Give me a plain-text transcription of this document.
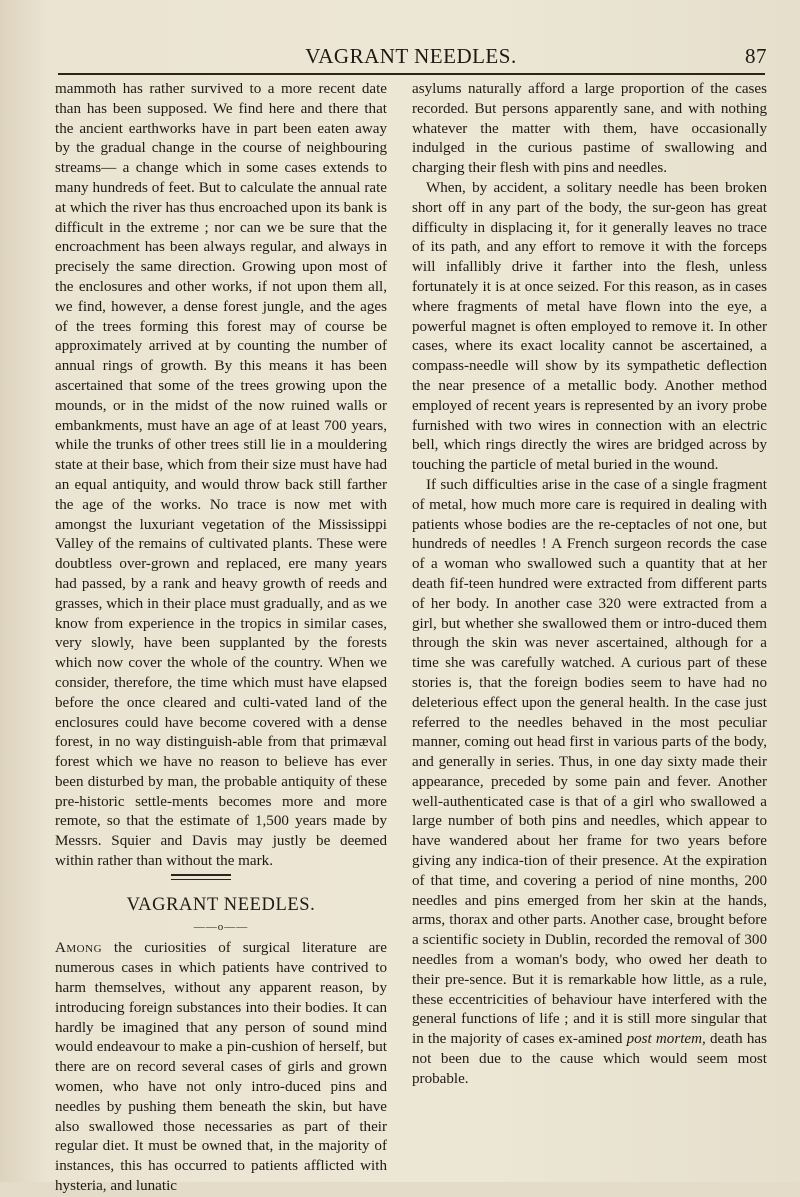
VAGRANT NEEDLES.	87

mammoth has rather survived to a more recent date than has been supposed. We find here and there that the ancient earthworks have in part been eaten away by the gradual change in the course of neighbouring streams— a change which in some cases extends to many hundreds of feet. But to calculate the annual rate at which the river has thus encroached upon its bank is difficult in the extreme ; nor can we be sure that the encroachment has been always regular, and always in precisely the same direction. Growing upon most of the enclosures and other works, if not upon them all, we find, however, a dense forest jungle, and the ages of the trees forming this forest may of course be approximately arrived at by counting the number of annual rings of growth. By this means it has been ascertained that some of the trees growing upon the mounds, or in the midst of the now ruined walls or embankments, must have an age of at least 700 years, while the trunks of other trees still lie in a mouldering state at their base, which from their size must have had an equal antiquity, and would throw back still farther the age of the works. No trace is now met with amongst the luxuriant vegetation of the Mississippi Valley of the remains of cultivated plants. These were doubtless over-grown and replaced, ere many years had passed, by a rank and heavy growth of reeds and grasses, which in their place must gradually, and as we know from experience in the tropics in similar cases, very slowly, have been supplanted by the forests which now cover the whole of the country. When we consider, therefore, the time which must have elapsed before the once cleared and culti-vated land of the enclosures could have become covered with a dense forest, in no way distinguish-able from that primæval forest which we have no reason to believe has ever been disturbed by man, the probable antiquity of these pre-historic settle-ments becomes more and more remote, so that the estimate of 1,500 years made by Messrs. Squier and Davis may justly be deemed within rather than without the mark.

VAGRANT NEEDLES.
——o——

Among the curiosities of surgical literature are numerous cases in which patients have contrived to harm themselves, without any apparent reason, by introducing foreign substances into their bodies. It can hardly be imagined that any person of sound mind would endeavour to make a pin-cushion of herself, but there are on record several cases of girls and grown women, who have not only intro-duced pins and needles by pushing them beneath the skin, but have also swallowed those necessaries as part of their regular diet. It must be owned that, in the majority of instances, this has occurred to patients afflicted with hysteria, and lunatic

asylums naturally afford a large proportion of the cases recorded. But persons apparently sane, and with nothing whatever the matter with them, have occasionally indulged in the curious pastime of swallowing and charging their flesh with pins and needles.

When, by accident, a solitary needle has been broken short off in any part of the body, the sur-geon has great difficulty in displacing it, for it generally leaves no trace of its path, and any effort to remove it with the forceps will infallibly drive it farther into the flesh, unless fortunately it is at once seized. For this reason, as in cases where fragments of metal have flown into the eye, a powerful magnet is often employed to remove it. In other cases, where its exact locality cannot be ascertained, a compass-needle will show by its sympathetic deflection the near presence of a metallic body. Another method employed of recent years is represented by an ivory probe furnished with two wires in connection with an electric bell, which rings directly the wires are bridged across by touching the particle of metal buried in the wound.

If such difficulties arise in the case of a single fragment of metal, how much more care is required in dealing with patients whose bodies are the re-ceptacles of not one, but hundreds of needles ! A French surgeon records the case of a woman who swallowed such a quantity that at her death fif-teen hundred were extracted from different parts of her body. In another case 320 were extracted from a girl, but whether she swallowed them or intro-duced them through the skin was never ascertained, although for a time she was carefully watched. A curious part of these stories is, that the foreign bodies seem to have had no deleterious effect upon the general health. In the case just referred to the needles behaved in the most peculiar manner, coming out head first in various parts of the body, and generally in series. Thus, in one day sixty made their appearance, preceded by some pain and fever. Another well-authenticated case is that of a girl who swallowed a large number of both pins and needles, which appear to have wandered about her frame for two years before giving any indica-tion of their presence. At the expiration of that time, and covering a period of nine months, 200 needles and pins emerged from her skin at the hands, arms, thorax and other parts. Another case, brought before a scientific society in Dublin, recorded the removal of 300 needles from a woman's body, who owed her death to their pre-sence. But it is remarkable how little, as a rule, these eccentricities of behaviour have interfered with the general functions of life ; and it is still more singular that in the majority of cases ex-amined post mortem, death has not been due to the cause which would seem most probable.
